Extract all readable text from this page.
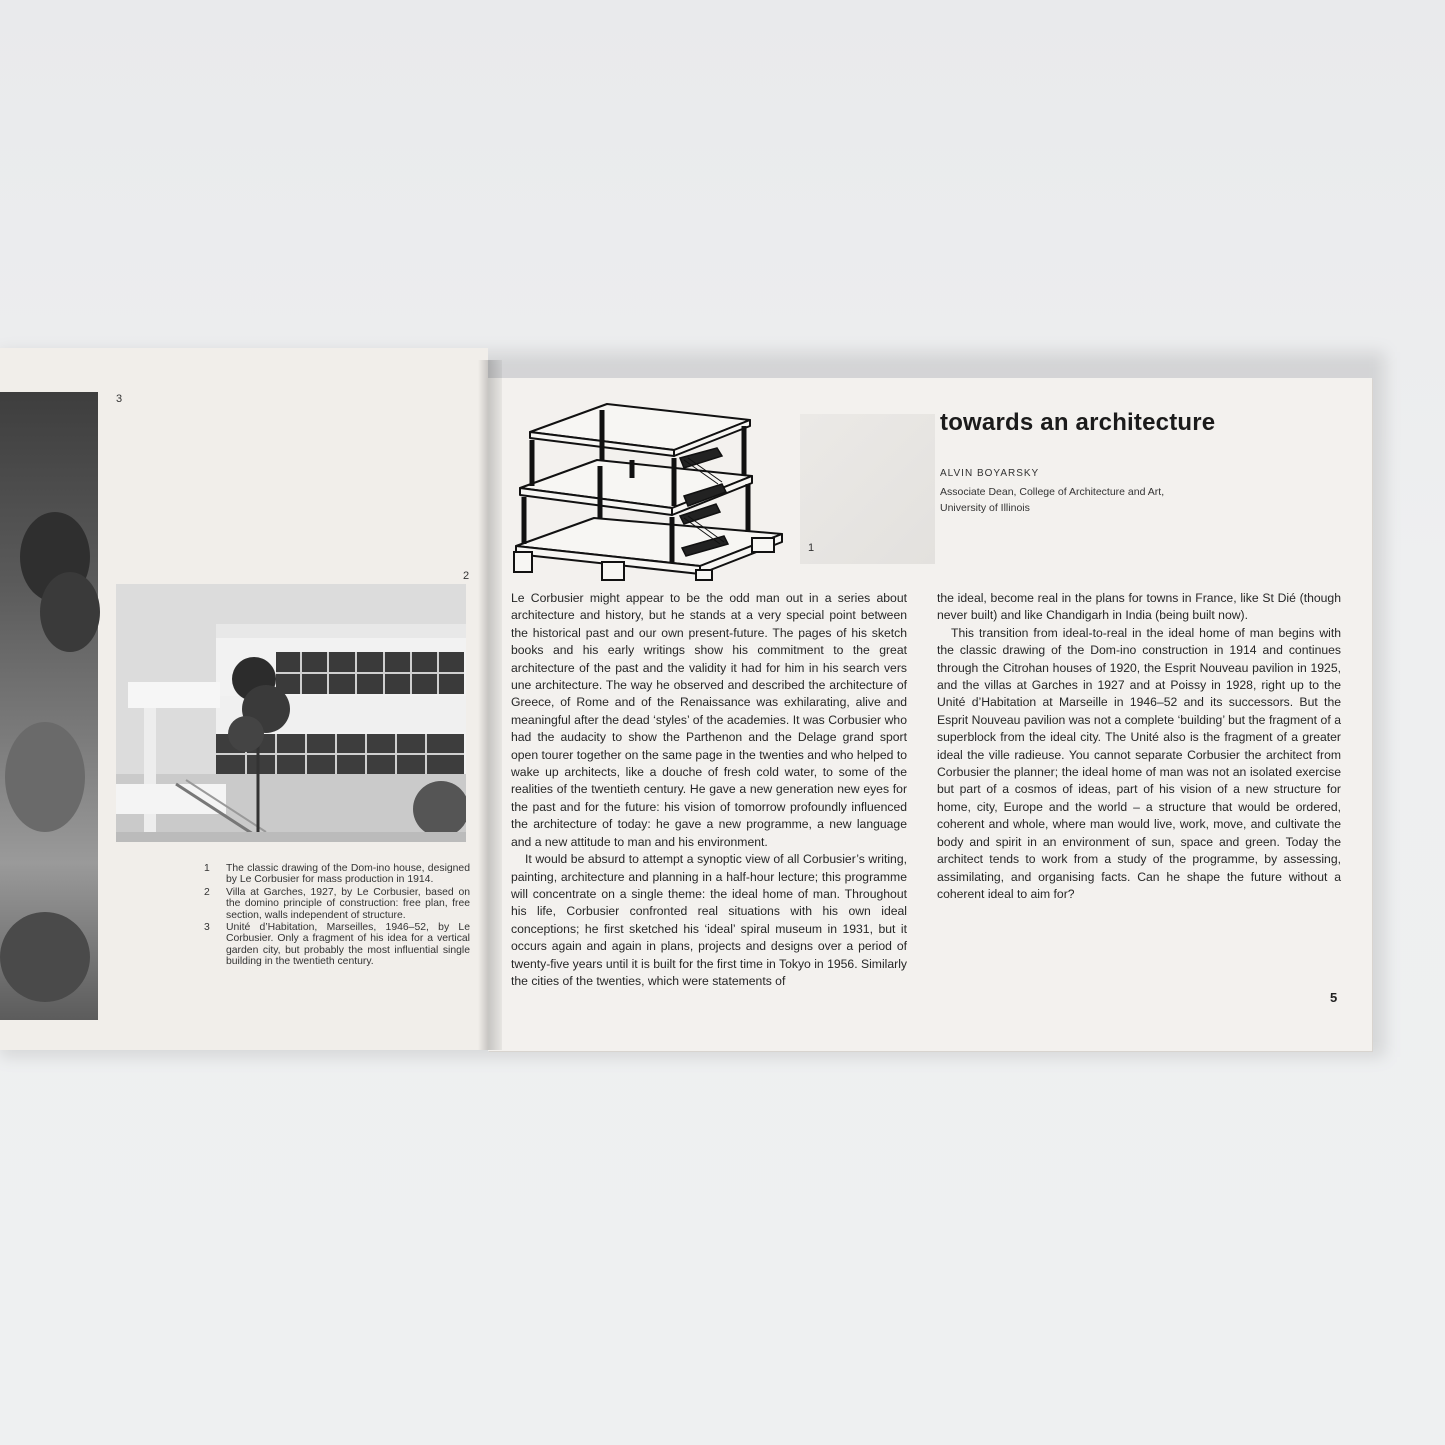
3
2
1	The classic drawing of the Dom-ino house, designed by Le Corbusier for mass production in 1914.
2	Villa at Garches, 1927, by Le Corbusier, based on the domino principle of construction: free plan, free section, walls independent of structure.
3	Unité d’Habitation, Marseilles, 1946–52, by Le Corbusier. Only a fragment of his idea for a vertical garden city, but probably the most influential single building in the twentieth century.
1
towards an architecture
ALVIN BOYARSKY
Associate Dean, College of Architecture and Art, University of Illinois

Le Corbusier might appear to be the odd man out in a series about architecture and history, but he stands at a very special point between the historical past and our own present-future. The pages of his sketch books and his early writings show his commitment to the great architecture of the past and the validity it had for him in his search vers une architecture. The way he observed and described the architecture of Greece, of Rome and of the Renaissance was exhilarating, alive and meaningful after the dead ‘styles’ of the academies. It was Corbusier who had the audacity to show the Parthenon and the Delage grand sport open tourer together on the same page in the twenties and who helped to wake up architects, like a douche of fresh cold water, to some of the realities of the twentieth century. He gave a new generation new eyes for the past and for the future: his vision of tomorrow profoundly influenced the architecture of today: he gave a new programme, a new language and a new attitude to man and his environment.

It would be absurd to attempt a synoptic view of all Corbusier’s writing, painting, architecture and planning in a half-hour lecture; this programme will concentrate on a single theme: the ideal home of man. Throughout his life, Corbusier confronted real situations with his own ideal conceptions; he first sketched his ‘ideal’ spiral museum in 1931, but it occurs again and again in plans, projects and designs over a period of twenty-five years until it is built for the first time in Tokyo in 1956. Similarly the cities of the twenties, which were statements of

the ideal, become real in the plans for towns in France, like St Dié (though never built) and like Chandigarh in India (being built now).

This transition from ideal-to-real in the ideal home of man begins with the classic drawing of the Dom-ino construction in 1914 and continues through the Citrohan houses of 1920, the Esprit Nouveau pavilion in 1925, and the villas at Garches in 1927 and at Poissy in 1928, right up to the Unité d’Habitation at Marseille in 1946–52 and its successors. But the Esprit Nouveau pavilion was not a complete ‘building’ but the fragment of a superblock from the ideal city. The Unité also is the fragment of a greater ideal the ville radieuse. You cannot separate Corbusier the architect from Corbusier the planner; the ideal home of man was not an isolated exercise but part of a cosmos of ideas, part of his vision of a new structure for home, city, Europe and the world – a structure that would be ordered, coherent and whole, where man would live, work, move, and cultivate the body and spirit in an environment of sun, space and green. Today the architect tends to work from a study of the programme, by assessing, assimilating, and organising facts. Can he shape the future without a coherent ideal to aim for?

5
